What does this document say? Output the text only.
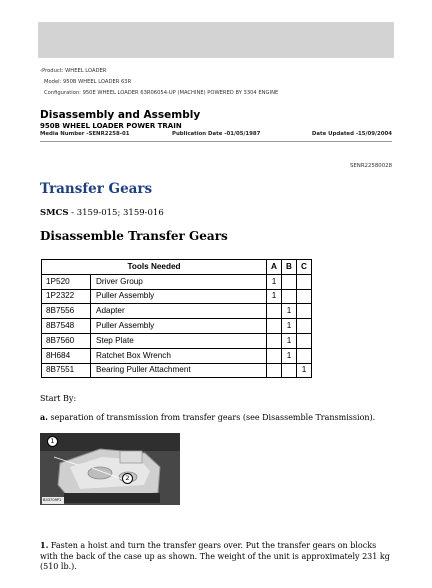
‹Product: WHEEL LOADER
Model: 950B WHEEL LOADER 63R
Configuration: 950E WHEEL LOADER 63R06054-UP (MACHINE) POWERED BY 3304 ENGINE
Disassembly and Assembly
950B WHEEL LOADER POWER TRAIN
Media Number -SENR2258-01	Publication Date -01/05/1987	Date Updated -15/09/2004
SENR22580028
Transfer Gears
SMCS - 3159-015; 3159-016
Disassemble Transfer Gears
Tools Needed		A	B	C
1P520	Driver Group	1		
1P2322	Puller Assembly	1		
8B7556	Adapter		1	
8B7548	Puller Assembly		1	
8B7560	Step Plate		1	
8H684	Ratchet Box Wrench		1	
8B7551	Bearing Puller Attachment			1
Start By:
a. separation of transmission from transfer gears (see Disassemble Transmission).
1
2
B43709P1
1. Fasten a hoist and turn the transfer gears over. Put the transfer gears on blocks with the back of the case up as shown. The weight of the unit is approximately 231 kg (510 lb.).
